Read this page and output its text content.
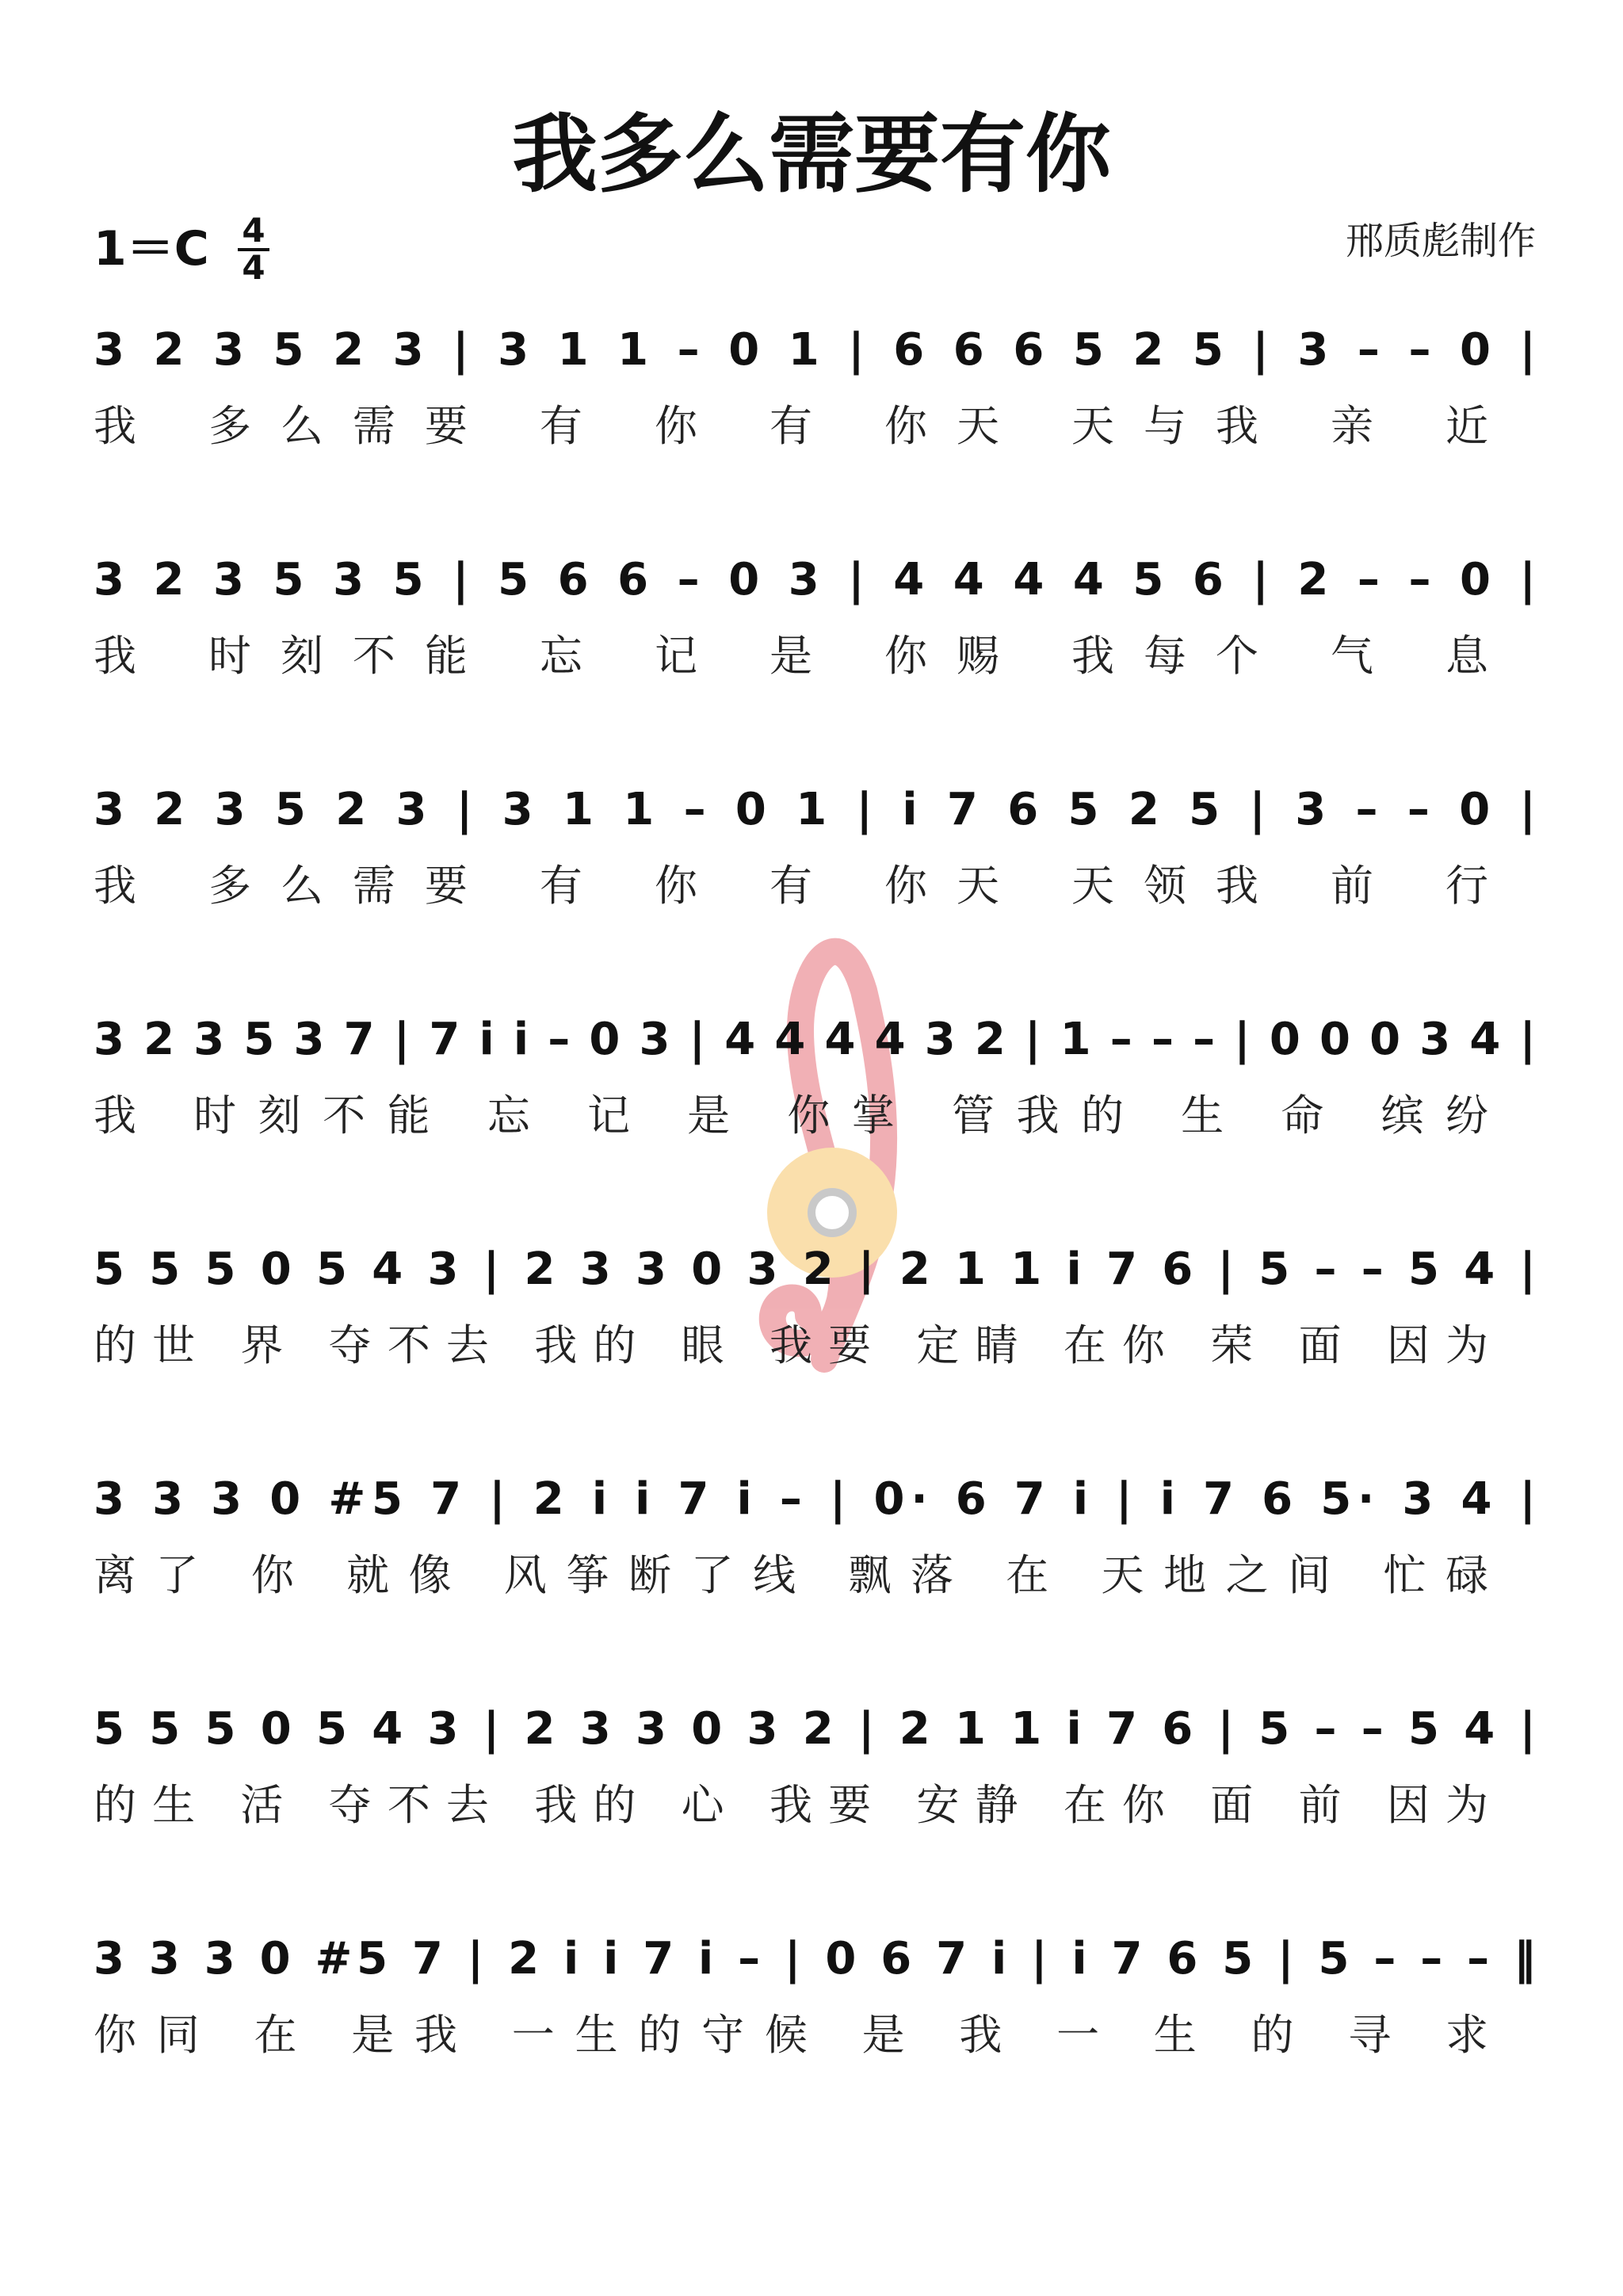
我多么需要有你
1＝C 4
4
邢质彪制作
3 2 3 5 2 3 | 3 1 1 – 0 1 | 6 6 6 5 2 5 | 3 – – 0 |
我 多么需要 有 你 有 你天 天与我 亲 近
3 2 3 5 3 5 | 5 6 6 – 0 3 | 4 4 4 4 5 6 | 2 – – 0 |
我 时刻不能 忘 记 是 你赐 我每个 气 息
3 2 3 5 2 3 | 3 1 1 – 0 1 | i 7 6 5 2 5 | 3 – – 0 |
我 多么需要 有 你 有 你天 天领我 前 行
3 2 3 5 3 7 | 7 i i – 0 3 | 4 4 4 4 3 2 | 1 – – – | 0 0 0 3 4 |
我 时刻不能 忘 记 是 你掌 管我的 生 命 缤纷
5 5 5 0 5 4 3 | 2 3 3 0 3 2 | 2 1 1 i 7 6 | 5 – – 5 4 |
的世 界 夺不去 我的 眼 我要 定睛 在你 荣 面 因为
3 3 3 0 #5 7 | 2 i i 7 i – | 0· 6 7 i | i 7 6 5· 3 4 |
离了 你 就像 风筝断了线 飘落 在 天地之间 忙碌
5 5 5 0 5 4 3 | 2 3 3 0 3 2 | 2 1 1 i 7 6 | 5 – – 5 4 |
的生 活 夺不去 我的 心 我要 安静 在你 面 前 因为
3 3 3 0 #5 7 | 2 i i 7 i – | 0 6 7 i | i 7 6 5 | 5 – – – ‖
你同 在 是我 一生的守候 是 我 一 生 的 寻 求
